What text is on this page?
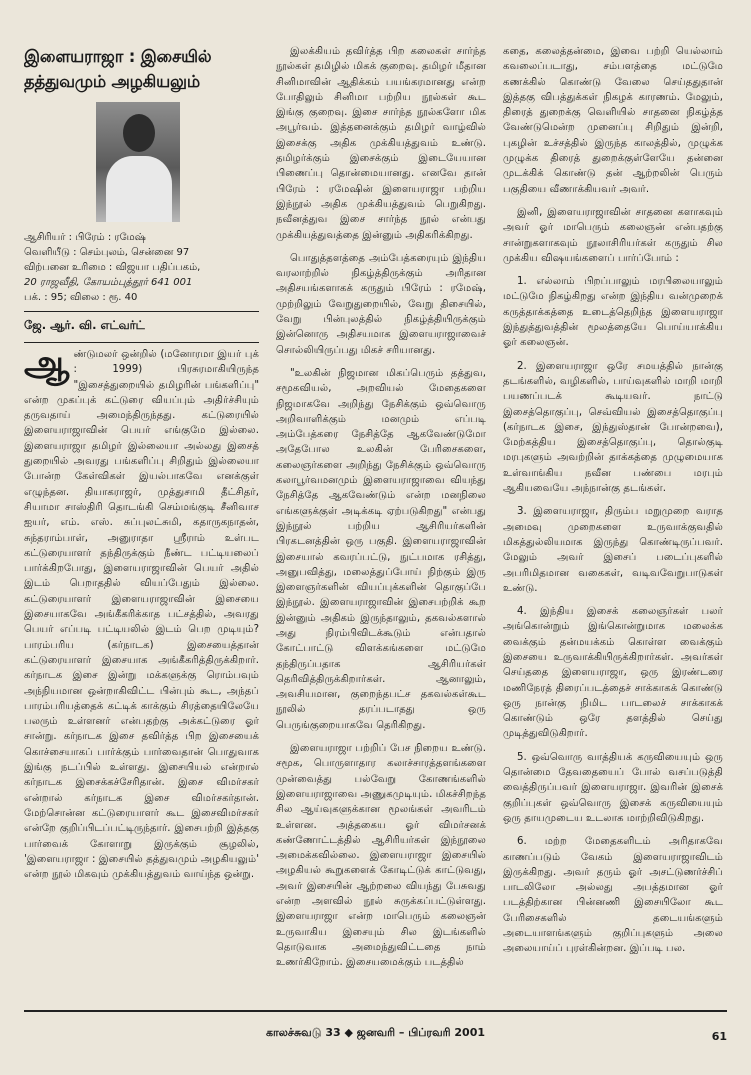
இளையராஜா : இசையில்
தத்துவமும் அழகியலும்
ஆசிரியர் : பிரேம் : ரமேஷ்
வெளியீடு : செம்புலம், சென்னை 97
விற்பனை உரிமை : விஜயா பதிப்பகம்,
20 ராஜவீதி, கோயம்புத்தூர் 641 001
பக். : 95; விலை : ரூ. 40
ஜே. ஆர். வி. எட்வர்ட்

ஆண்டுமலர் ஒன்றில் (மனோரமா இயர் புக் : 1999) பிரசுரமாகியிருந்த "இசைத்துறையில் தமிழரின் பங்களிப்பு" என்ற முகப்புக் கட்டுரை வியப்பும் அதிர்ச்சியும் தருவதாய் அமைந்திருந்தது. கட்டுரையில் இளையராஜாவின் பெயர் எங்குமே இல்லை. இளையராஜா தமிழர் இல்லையா அல்லது இசைத் துறையில் அவரது பங்களிப்பு சிறிதும் இல்லையா போன்ற கேள்விகள் இயல்பாகவே எனக்குள் எழுந்தன. தியாகராஜர், முத்துசாமி தீட்சிதர், சியாமா சாஸ்திரி தொடங்கி செம்மங்குடி சீனிவாச ஐயர், எம். எஸ். சுப்புலட்சுமி, கதாருகநாதன், சுந்தராம்பாள், அனுராதா ஸ்ரீராம் உள்பட கட்டுரையாளர் தந்திருக்கும் நீண்ட பட்டியலைப் பார்க்கிறபோது, இளையராஜாவின் பெயர் அதில் இடம் பெறாததில் வியப்பேதும் இல்லை. கட்டுரையாளர் இளையராஜாவின் இசையை இசையாகவே அங்கீகரிக்காத பட்சத்தில், அவரது பெயர் எப்படி பட்டியலில் இடம் பெற முடியும்? பாரம்பரிய (கர்நாடக) இசையைத்தான் கட்டுரையாளர் இசையாக அங்கீகரித்திருக்கிறார். கர்நாடக இசை இன்று மக்களுக்கு ரொம்பவும் அந்நியமான ஒன்றாகிவிட்ட பின்பும் கூட, அந்தப் பாரம்பரியத்தைக் கட்டிக் காக்கும் சிரத்தையிலேயே பலரும் உள்ளனர் என்பதற்கு அக்கட்டுரை ஓர் சான்று. கர்நாடக இசை தவிர்த்த பிற இசையைக் கொச்சையாகப் பார்க்கும் பார்வைதான் பொதுவாக இங்கு நடப்பில் உள்ளது. இசையியல் என்றால் கர்நாடக இசைக்கச்சேரிதான். இசை விமர்சகர் என்றால் கர்நாடக இசை விமர்சகர்தான். மேற்சொன்ன கட்டுரையாளர் கூட இசைவிமர்சகர் என்றே குறிப்பிடப்பட்டிருந்தார். இசைபற்றி இத்தகு பார்வைக் கோளாறு இருக்கும் சூழலில், 'இளையராஜா : இசையில் தத்துவமும் அழகியலும்' என்ற நூல் மிகவும் முக்கியத்துவம் வாய்ந்த ஒன்று.

இலக்கியம் தவிர்த்த பிற கலைகள் சார்ந்த நூல்கள் தமிழில் மிகக் குறைவு. தமிழர் மீதான சினிமாவின் ஆதிக்கம் பயங்கரமானது என்ற போதிலும் சினிமா பற்றிய நூல்கள் கூட இங்கு குறைவு. இசை சார்ந்த நூல்களோ மிக அபூர்வம். இத்தனைக்கும் தமிழர் வாழ்வில் இசைக்கு அதிக முக்கியத்துவம் உண்டு. தமிழர்க்கும் இசைக்கும் இடையேயான பிணைப்பு தொன்மையானது. எனவே தான் பிரேம் : ரமேஷின் இளையராஜா பற்றிய இந்நூல் அதிக முக்கியத்துவம் பெறுகிறது. நவீனத்துவ இசை சார்ந்த நூல் என்பது முக்கியத்துவத்தை இன்னும் அதிகரிக்கிறது.

பொதுத்தளத்தை அம்பேத்கரையும் இந்திய வரலாற்றில் நிகழ்த்திருக்கும் அரிதான அதிசயங்களாகக் கருதும் பிரேம் : ரமேஷ், முற்றிலும் வேறுதுறையில், வேறு திசையில், வேறு பின்புலத்தில் நிகழ்த்தியிருக்கும் இன்னொரு அதிசயமாக இளையராஜாவைச் சொல்லியிருப்பது மிகச் சரியானது.

"உலகின் நிஜமான மிகப்பெரும் தத்துவ, சமூகவியல், அறவியல் மேதைகளை நிஜமாகவே அறிந்து நேசிக்கும் ஒவ்வொரு அறிவாளிக்கும் மனமும் எப்படி அம்பேத்கரை நேசித்தே ஆகவேண்டுமோ அதேபோல உலகின் பேரிசைகளை, கலைஞர்களை அறிந்து நேசிக்கும் ஒவ்வொரு கலாபூர்வமனமும் இளையராஜாவை வியந்து நேசித்தே ஆகவேண்டும் என்ற மனநிலை எங்களுக்குள் அடிக்கடி ஏற்படுகிறது" என்பது இந்நூல் பற்றிய ஆசிரியர்களின் பிரகடனத்தின் ஒரு பகுதி. இளையராஜாவின் இசையால் கவரப்பட்டு, நுட்பமாக ரசித்து, அனுபவித்து, மலைத்துப்போய் நிற்கும் இரு இளைஞர்களின் வியப்புக்களின் தொகுப்பே இந்நூல். இளையராஜாவின் இசைபற்றிக் கூற இன்னும் அதிகம் இருந்தாலும், தகவல்களால் அது நிரம்பிவிடக்கூடும் என்பதால் கோட்பாட்டு விளக்கங்களை மட்டுமே தந்திருப்பதாக ஆசிரியர்கள் தெரிவித்திருக்கிறார்கள். ஆனாலும், அவசியமான, குறைந்தபட்ச தகவல்கள்கூட நூலில் தரப்படாதது ஒரு பெருங்குறையாகவே தெரிகிறது.

இளையராஜா பற்றிப் பேச நிறைய உண்டு. சமூக, பொருளாதார கலாச்சாரத்தளங்களை முன்வைத்து பல்வேறு கோணங்களில் இளையராஜாவை அணுகமுடியும். மிகச்சிறந்த சில ஆய்வுகளுக்கான மூலங்கள் அவரிடம் உள்ளன. அத்தகைய ஓர் விமர்சனக் கண்ணோட்டத்தில் ஆசிரியர்கள் இந்நூலை அமைக்கவில்லை. இளையராஜா இசையில் அழகியல் கூறுகளைக் கோடிட்டுக் காட்டுவது, அவர் இசையின் ஆற்றலை வியந்து பேசுவது என்ற அளவில் நூல் சுருக்கப்பட்டுள்ளது. இளையராஜா என்ற மாபெரும் கலைஞன் உருவாகிய இசையும் சில இடங்களில் தொடுவாக அமைந்துவிட்டதை நாம் உணர்கிறோம். இசையமைக்கும் படத்தில்

கதை, கலைத்தன்மை, இவை பற்றி யெல்லாம் கவலைப்படாது, சம்பளத்தை மட்டுமே கணக்கில் கொண்டு வேலை செய்ததுதான் இத்தகு விபத்துக்கள் நிகழக் காரணம். மேலும், திரைத் துறைக்கு வெளியில் சாதனை நிகழ்த்த வேண்டுமென்ற முனைப்பு சிறிதும் இன்றி, புகழின் உச்சத்தில் இருந்த காலத்தில், முழுக்க முழுக்க திரைத் துறைக்குள்ளேயே தன்னை முடக்கிக் கொண்டு தன் ஆற்றலின் பெரும் பகுதியை வீணாக்கியவர் அவர்.

இனி, இளையராஜாவின் சாதனை களாகவும் அவர் ஓர் மாபெரும் கலைஞன் என்பதற்கு சான்றுகளாகவும் நூலாசிரியர்கள் கருதும் சில முக்கிய விஷயங்களைப் பார்ப்போம் :

1. எல்லாம் பிறப்பாலும் மரபிலையாலும் மட்டுமே நிகழ்கிறது என்ற இந்திய வன்முறைக் கருத்தாக்கத்தை உடைத்தெறிந்த இளையராஜா இந்துத்துவத்தின் மூலத்தையே பொய்யாக்கிய ஓர் கலைஞன்.

2. இளையராஜா ஒரே சமயத்தில் நான்கு தடங்களில், வழிகளில், பாய்வுகளில் மாறி மாறி பயணப்படக் கூடியவர். நாட்டு இசைத்தொகுப்பு, செவ்வியல் இசைத்தொகுப்பு (கர்நாடக இசை, இந்துஸ்தான் போன்றவை), மேற்கத்திய இசைத்தொகுப்பு, தொல்குடி மரபுகளும் அவற்றின் தாக்கத்தை முழுமையாக உள்வாங்கிய நவீன பண்பை மரபும் ஆகியவையே அந்நான்கு தடங்கள்.

3. இளையராஜா, திரும்ப மறுமுறை வராத அமைவு முறைகளை உருவாக்குவதில் மிகத்துல்லியமாக இருந்து கொண்டிருப்பவர். மேலும் அவர் இசைப் படைப்புகளில் அபரிமிதமான வகைகள், வடிவவேறுபாடுகள் உண்டு.

4. இந்திய இசைக் கலைஞர்கள் பலர் அங்கொன்றும் இங்கொன்றுமாக மலைக்க வைக்கும் தன்மயக்கம் கொள்ள வைக்கும் இசையை உருவாக்கியிருக்கிறார்கள். அவர்கள் செய்ததை இளையராஜா, ஒரு இரண்டரை மணிநேரத் திரைப்படத்தைச் சாக்காகக் கொண்டு ஒரு நான்கு நிமிட பாடலைச் சாக்காகக் கொண்டும் ஒரே தளத்தில் செய்து முடித்துவிடுகிறார்.

5. ஒவ்வொரு வாத்தியக் கருவியையும் ஒரு தொன்மை தேவதையைப் போல் வசப்படுத்தி வைத்திருப்பவர் இளையராஜா. இவரின் இசைக் குறிப்புகள் ஒவ்வொரு இசைக் கருவியையும் ஒரு தாயமுடைய உடலாக மாற்றிவிடுகிறது.

6. மற்ற மேதைகளிடம் அரிதாகவே காணப்படும் வேகம் இளையராஜாவிடம் இருக்கிறது. அவர் தரும் ஓர் அசட்டுணர்ச்சிப் பாடலிலோ அல்லது அபத்தமான ஓர் படத்திற்கான பின்னணி இசையிலோ கூட பேரிசைகளில் தடையங்களும் அடையாளங்களும் குறிப்புகளும் அலை அலையாய்ப் புரள்கின்றன. இப்படி பல.

காலச்சுவடு 33 ◆ ஜனவரி – பிப்ரவரி 2001	61
